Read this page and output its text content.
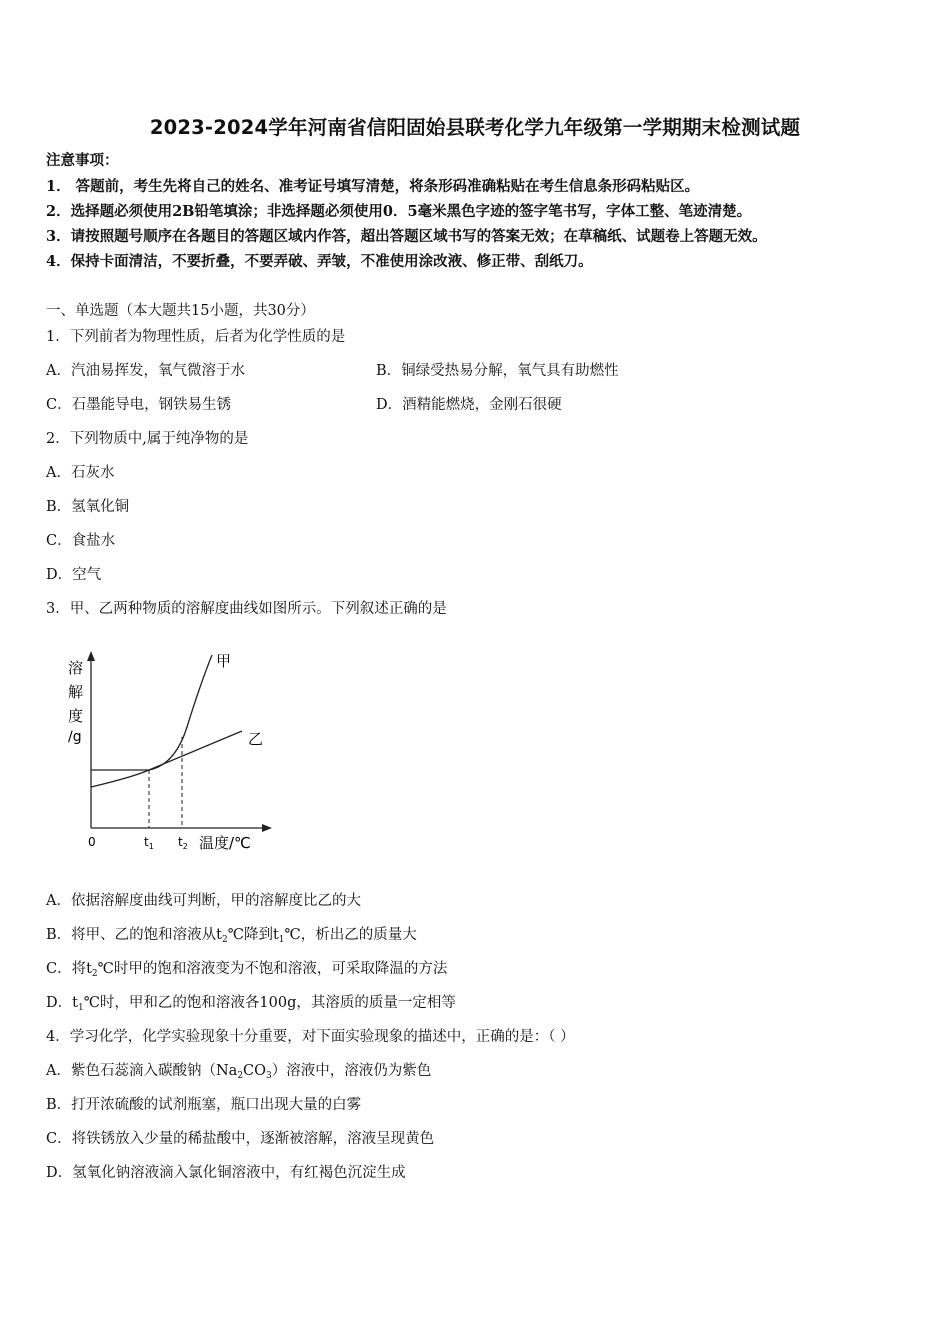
2023-2024学年河南省信阳固始县联考化学九年级第一学期期末检测试题
注意事项：
1． 答题前，考生先将自己的姓名、准考证号填写清楚，将条形码准确粘贴在考生信息条形码粘贴区。
2．选择题必须使用2B铅笔填涂；非选择题必须使用0．5毫米黑色字迹的签字笔书写，字体工整、笔迹清楚。
3．请按照题号顺序在各题目的答题区域内作答，超出答题区域书写的答案无效；在草稿纸、试题卷上答题无效。
4．保持卡面清洁，不要折叠，不要弄破、弄皱，不准使用涂改液、修正带、刮纸刀。
一、单选题（本大题共15小题，共30分）
1．下列前者为物理性质，后者为化学性质的是
A．汽油易挥发，氧气微溶于水	B．铜绿受热易分解，氧气具有助燃性
C．石墨能导电，钢铁易生锈	D．酒精能燃烧，金刚石很硬
2．下列物质中,属于纯净物的是
A．石灰水
B．氢氧化铜
C．食盐水
D．空气
3．甲、乙两种物质的溶解度曲线如图所示。下列叙述正确的是
溶
解
度
/g
甲
乙
0	$t_1$ $t_2$ 温度/℃
A．依据溶解度曲线可判断，甲的溶解度比乙的大
B．将甲、乙的饱和溶液从$t_2℃$降到$t_1℃$，析出乙的质量大
C．将$t_2℃$时甲的饱和溶液变为不饱和溶液，可采取降温的方法
D．$t_1℃$时，甲和乙的饱和溶液各100g，其溶质的质量一定相等
4．学习化学，化学实验现象十分重要，对下面实验现象的描述中，正确的是：（ ）
A．紫色石蕊滴入碳酸钠$(Na_2CO_3)$溶液中，溶液仍为紫色
B．打开浓硫酸的试剂瓶塞，瓶口出现大量的白雾
C．将铁锈放入少量的稀盐酸中，逐渐被溶解，溶液呈现黄色
D．氢氧化钠溶液滴入氯化铜溶液中，有红褐色沉淀生成
